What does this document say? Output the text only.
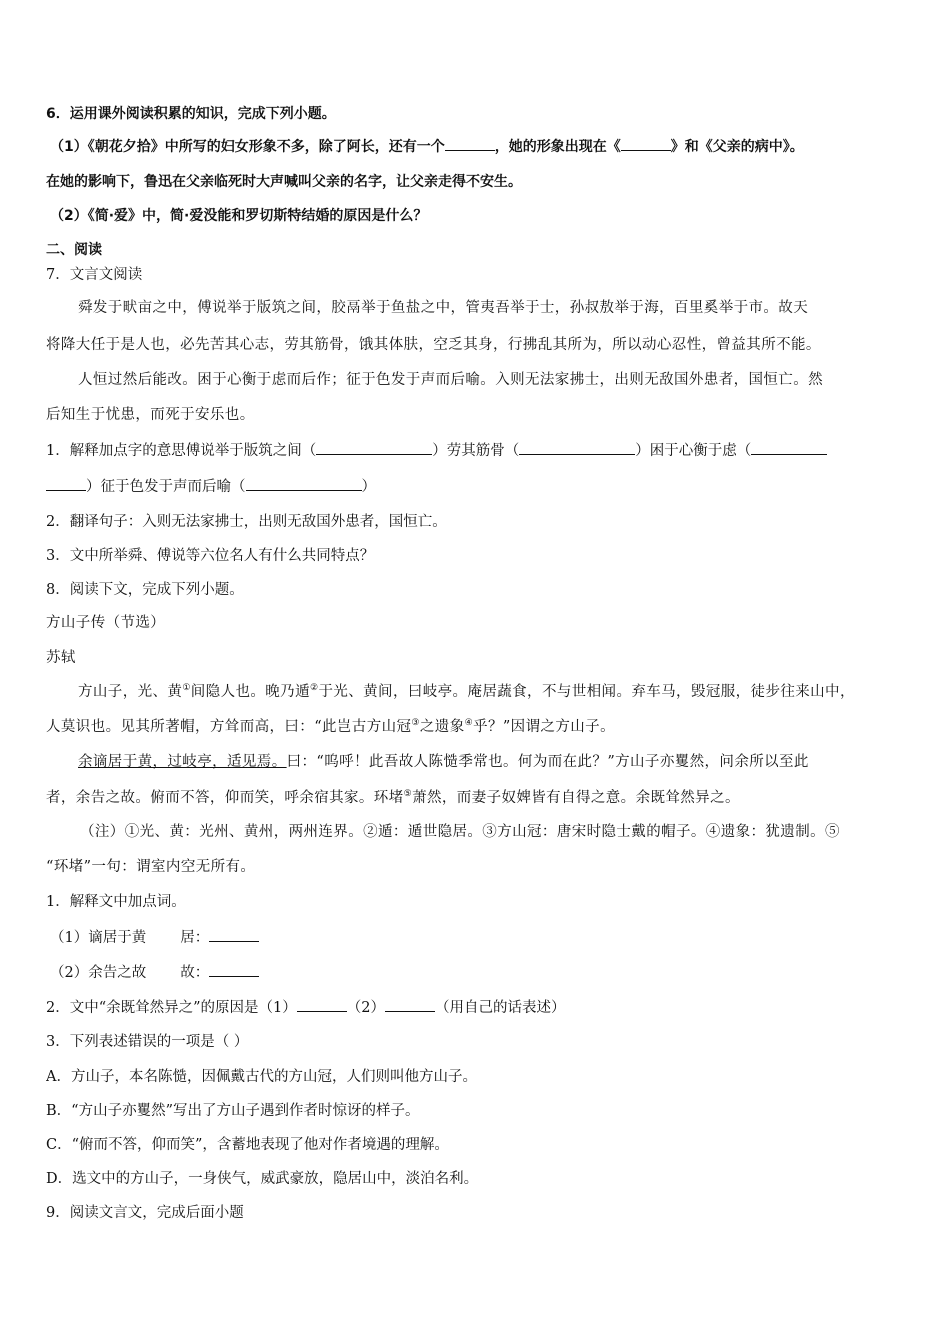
6．运用课外阅读积累的知识，完成下列小题。
（1）《朝花夕拾》中所写的妇女形象不多，除了阿长，还有一个	，她的形象出现在《	》和《父亲的病中》。
在她的影响下，鲁迅在父亲临死时大声喊叫父亲的名字，让父亲走得不安生。
（2）《简·爱》中，简·爱没能和罗切斯特结婚的原因是什么？
二、阅读
7．文言文阅读
舜发于畎亩之中，傅说举于版筑之间，胶鬲举于鱼盐之中，管夷吾举于士，孙叔敖举于海，百里奚举于市。故天
将降大任于是人也，必先苦其心志，劳其筋骨，饿其体肤，空乏其身，行拂乱其所为，所以动心忍性，曾益其所不能。
人恒过然后能改。困于心衡于虑而后作；征于色发于声而后喻。入则无法家拂士，出则无敌国外患者，国恒亡。然
后知生于忧患，而死于安乐也。
1．解释加点字的意思傅说举于版筑之间（	）劳其筋骨（	）困于心衡于虑（
）征于色发于声而后喻（	）
2．翻译句子：入则无法家拂士，出则无敌国外患者，国恒亡。
3．文中所举舜、傅说等六位名人有什么共同特点？
8．阅读下文，完成下列小题。
方山子传（节选）
苏轼
方山子，光、黄①间隐人也。晚乃遁②于光、黄间，曰岐亭。庵居蔬食，不与世相闻。弃车马，毁冠服，徒步往来山中，
人莫识也。见其所著帽，方耸而高，曰：“此岂古方山冠③之遗象④乎？”因谓之方山子。
余谪居于黄，过岐亭，适见焉。曰：“呜呼！此吾故人陈慥季常也。何为而在此？”方山子亦矍然，问余所以至此
者，余告之故。俯而不答，仰而笑，呼余宿其家。环堵⑤萧然，而妻子奴婢皆有自得之意。余既耸然异之。
（注）①光、黄：光州、黄州，两州连界。②遁：遁世隐居。③方山冠：唐宋时隐士戴的帽子。④遗象：犹遗制。⑤
“环堵”一句：谓室内空无所有。
1．解释文中加点词。
（1）谪居于黄 居：
（2）余告之故 故：
2．文中“余既耸然异之”的原因是（1）	（2）	（用自己的话表述）
3．下列表述错误的一项是（ ）
A．方山子，本名陈慥，因佩戴古代的方山冠，人们则叫他方山子。
B．“方山子亦矍然”写出了方山子遇到作者时惊讶的样子。
C．“俯而不答，仰而笑”，含蓄地表现了他对作者境遇的理解。
D．选文中的方山子，一身侠气，威武豪放，隐居山中，淡泊名利。
9．阅读文言文，完成后面小题
